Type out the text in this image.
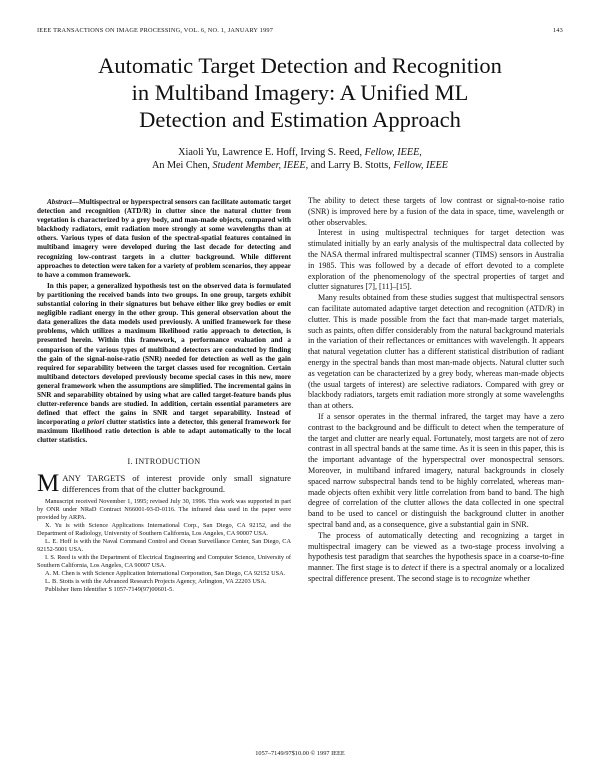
IEEE TRANSACTIONS ON IMAGE PROCESSING, VOL. 6, NO. 1, JANUARY 1997	143
Automatic Target Detection and Recognition
in Multiband Imagery: A Unified ML
Detection and Estimation Approach
Xiaoli Yu, Lawrence E. Hoff, Irving S. Reed, Fellow, IEEE,
An Mei Chen, Student Member, IEEE, and Larry B. Stotts, Fellow, IEEE
Abstract—Multispectral or hyperspectral sensors can facilitate automatic target detection and recognition (ATD/R) in clutter since the natural clutter from vegetation is characterized by a grey body, and man-made objects, compared with blackbody radiators, emit radiation more strongly at some wavelengths than at others. Various types of data fusion of the spectral-spatial features contained in multiband imagery were developed during the last decade for detecting and recognizing low-contrast targets in a clutter background. While different approaches to detection were taken for a variety of problem scenarios, they appear to have a common framework.
In this paper, a generalized hypothesis test on the observed data is formulated by partitioning the received bands into two groups. In one group, targets exhibit substantial coloring in their signatures but behave either like grey bodies or emit negligible radiant energy in the other group. This general observation about the data generalizes the data models used previously. A unified framework for these problems, which utilizes a maximum likelihood ratio approach to detection, is presented herein. Within this framework, a performance evaluation and a comparison of the various types of multiband detectors are conducted by finding the gain of the signal-noise-ratio (SNR) needed for detection as well as the gain required for separability between the target classes used for recognition. Certain multiband detectors developed previously become special cases in this new, more general framework when the assumptions are simplified. The incremental gains in SNR and separability obtained by using what are called target-feature bands plus clutter-reference bands are studied. In addition, certain essential parameters are defined that effect the gains in SNR and target separability. Instead of incorporating a priori clutter statistics into a detector, this general framework for maximum likelihood ratio detection is able to adapt automatically to the local clutter statistics.
I. INTRODUCTION
MANY TARGETS of interest provide only small signature differences from that of the clutter background.

Manuscript received November 1, 1995; revised July 30, 1996. This work was supported in part by ONR under NRaD Contract N66001-93-D-0116. The infrared data used in the paper were provided by ARPA.

X. Yu is with Science Applications International Corp., San Diego, CA 92152, and the Department of Radiology, University of Southern California, Los Angeles, CA 90007 USA.

L. E. Hoff is with the Naval Command Control and Ocean Surveillance Center, San Diego, CA 92152-5001 USA.

I. S. Reed is with the Department of Electrical Engineering and Computer Science, University of Southern California, Los Angeles, CA 90007 USA.

A. M. Chen is with Science Application International Corporation, San Diego, CA 92152 USA.

L. B. Stotts is with the Advanced Research Projects Agency, Arlington, VA 22203 USA.

Publisher Item Identifier S 1057-7149(97)00601-5.

The ability to detect these targets of low contrast or signal-to-noise ratio (SNR) is improved here by a fusion of the data in space, time, wavelength or other observables.

Interest in using multispectral techniques for target detection was stimulated initially by an early analysis of the multispectral data collected by the NASA thermal infrared multispectral scanner (TIMS) sensors in Australia in 1985. This was followed by a decade of effort devoted to a complete exploration of the phenomenology of the spectral properties of target and clutter signatures [7], [11]–[15].

Many results obtained from these studies suggest that multispectral sensors can facilitate automated adaptive target detection and recognition (ATD/R) in clutter. This is made possible from the fact that man-made target materials, such as paints, often differ considerably from the natural background materials in the variation of their reflectances or emittances with wavelength. It appears that natural vegetation clutter has a different statistical distribution of radiant energy in the spectral bands than most man-made objects. Natural clutter such as vegetation can be characterized by a grey body, whereas man-made objects (the usual targets of interest) are selective radiators. Compared with grey or blackbody radiators, targets emit radiation more strongly at some wavelengths than at others.

If a sensor operates in the thermal infrared, the target may have a zero contrast to the background and be difficult to detect when the temperature of the target and clutter are nearly equal. Fortunately, most targets are not of zero contrast in all spectral bands at the same time. As it is seen in this paper, this is the important advantage of the hyperspectral over monospectral sensors. Moreover, in multiband infrared imagery, natural backgrounds in closely spaced narrow subspectral bands tend to be highly correlated, whereas man-made objects often exhibit very little correlation from band to band. The high degree of correlation of the clutter allows the data collected in one spectral band to be used to cancel or distinguish the background clutter in another spectral band and, as a consequence, give a substantial gain in SNR.

The process of automatically detecting and recognizing a target in multispectral imagery can be viewed as a two-stage process involving a hypothesis test paradigm that searches the hypothesis space in a coarse-to-fine manner. The first stage is to detect if there is a spectral anomaly or a localized spectral difference present. The second stage is to recognize whether

1057–7149/97$10.00 © 1997 IEEE
